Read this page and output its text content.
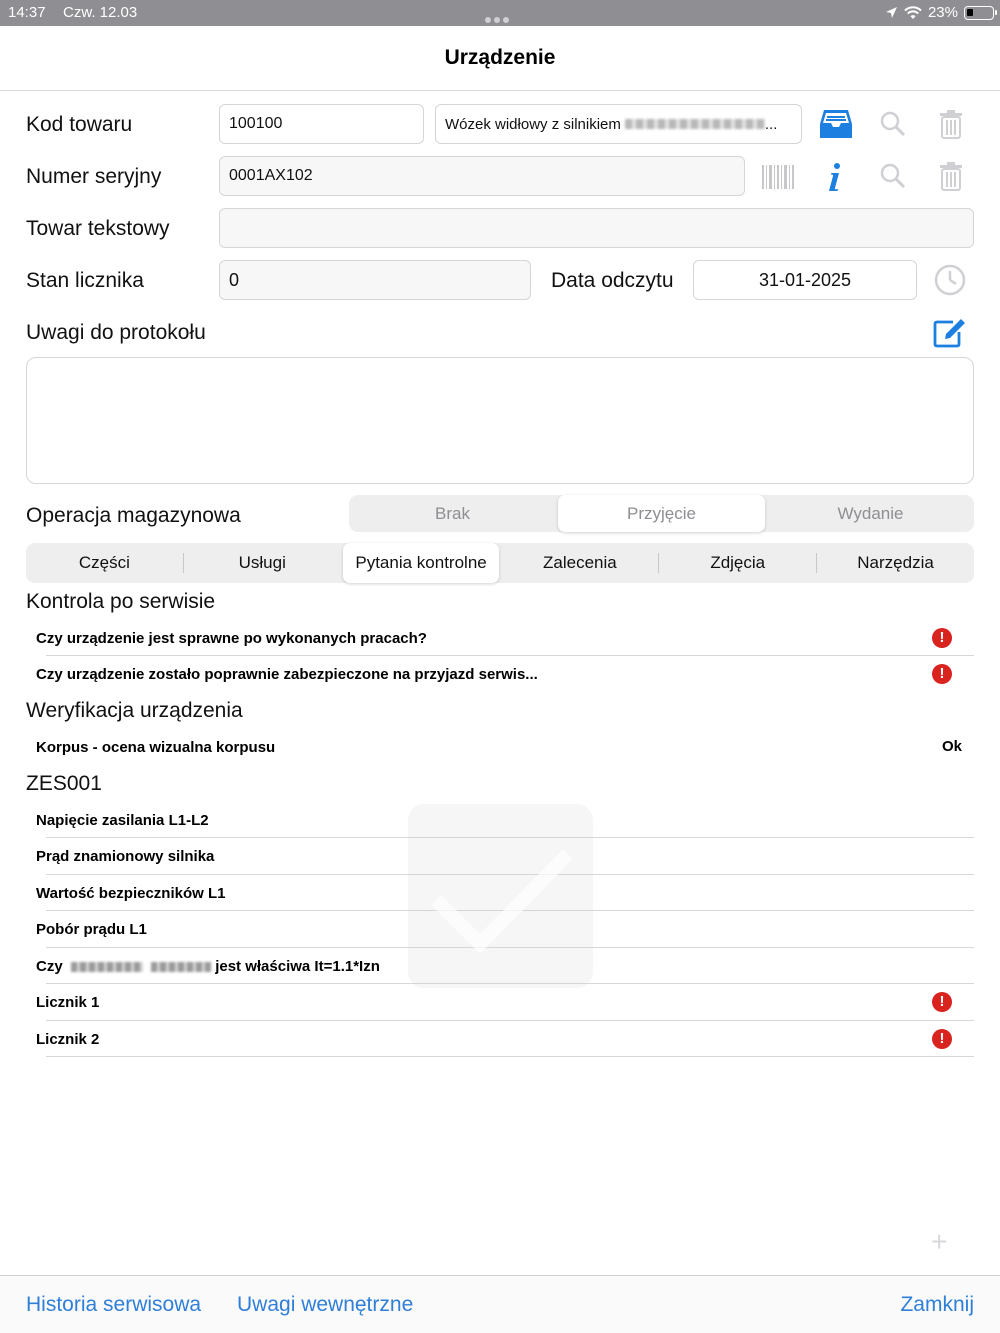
14:37 Czw. 12.03	23%
Urządzenie
Kod towaru	100100	Wózek widłowy z silnikiem	...
Numer seryjny	0001AX102
Towar tekstowy
Stan licznika	0	Data odczytu	31-01-2025
Uwagi do protokołu
Operacja magazynowa	Brak	Przyjęcie	Wydanie
Części	Usługi	Pytania kontrolne	Zalecenia	Zdjęcia	Narzędzia
Kontrola po serwisie
Czy urządzenie jest sprawne po wykonanych pracach?	!
Czy urządzenie zostało poprawnie zabezpieczone na przyjazd serwis...	!
Weryfikacja urządzenia
Korpus - ocena wizualna korpusu	Ok
ZES001
Napięcie zasilania L1-L2
Prąd znamionowy silnika
Wartość bezpieczników L1
Pobór prądu L1
Czy	jest właściwa It=1.1*Izn
Licznik 1	!
Licznik 2	!
+
Historia serwisowa Uwagi wewnętrzne	Zamknij
